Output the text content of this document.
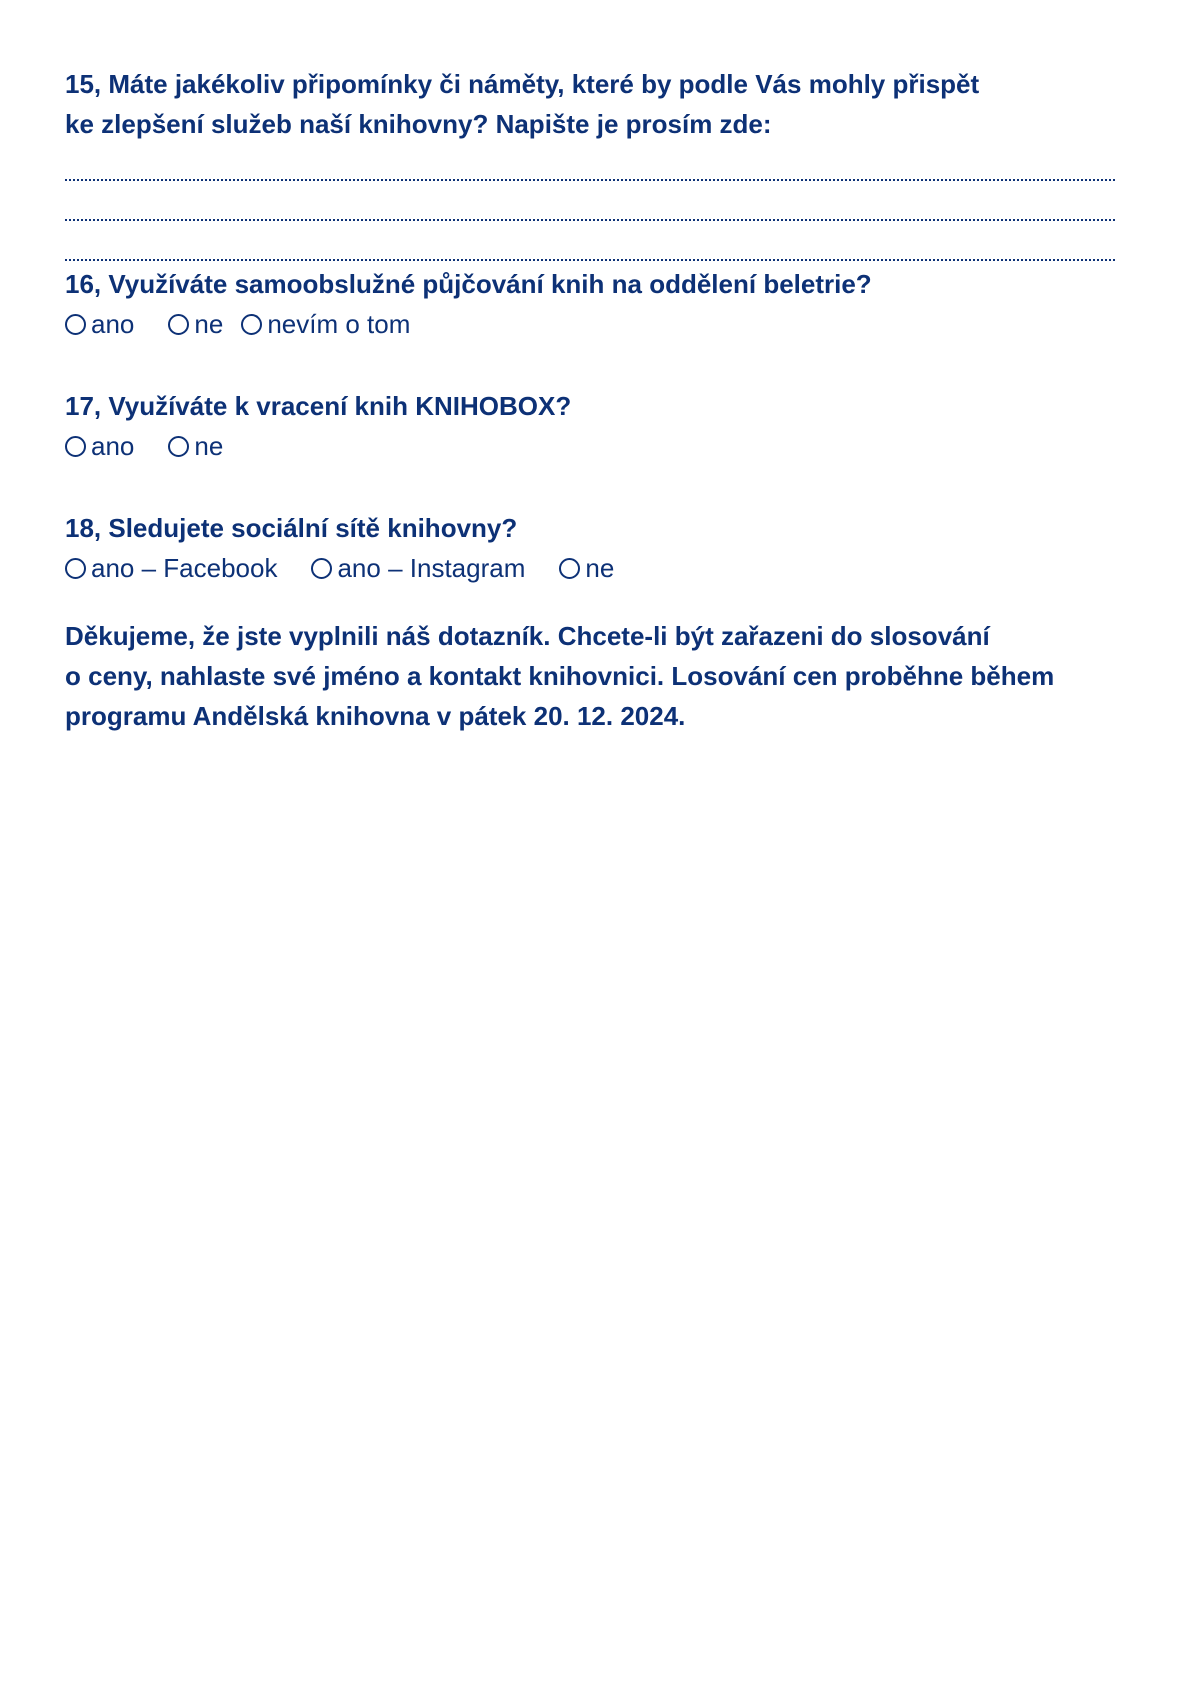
15, Máte jakékoliv připomínky či náměty, které by podle Vás mohly přispět
ke zlepšení služeb naší knihovny? Napište je prosím zde:

16, Využíváte samoobslužné půjčování knih na oddělení beletrie?

ano ne nevím o tom

17, Využíváte k vracení knih KNIHOBOX?

ano ne

18, Sledujete sociální sítě knihovny?

ano – Facebook ano – Instagram ne

Děkujeme, že jste vyplnili náš dotazník. Chcete-li být zařazeni do slosování
o ceny, nahlaste své jméno a kontakt knihovnici. Losování cen proběhne během
programu Andělská knihovna v pátek 20. 12. 2024.
